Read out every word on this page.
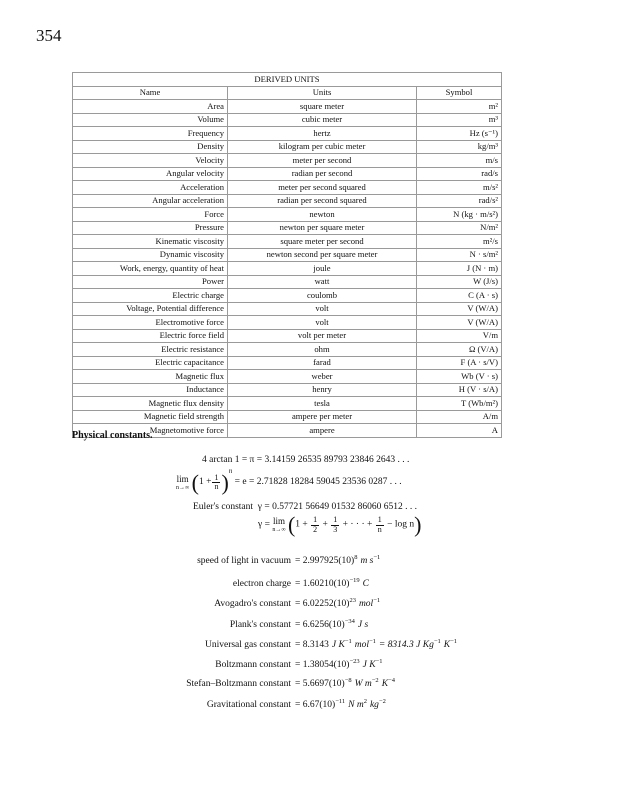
354
DERIVED UNITS		
Name	Units	Symbol
Area	square meter	m²
Volume	cubic meter	m³
Frequency	hertz	Hz (s⁻¹)
Density	kilogram per cubic meter	kg/m³
Velocity	meter per second	m/s
Angular velocity	radian per second	rad/s
Acceleration	meter per second squared	m/s²
Angular acceleration	radian per second squared	rad/s²
Force	newton	N (kg · m/s²)
Pressure	newton per square meter	N/m²
Kinematic viscosity	square meter per second	m²/s
Dynamic viscosity	newton second per square meter	N · s/m²
Work, energy, quantity of heat	joule	J (N · m)
Power	watt	W (J/s)
Electric charge	coulomb	C (A · s)
Voltage, Potential difference	volt	V (W/A)
Electromotive force	volt	V (W/A)
Electric force field	volt per meter	V/m
Electric resistance	ohm	Ω (V/A)
Electric capacitance	farad	F (A · s/V)
Magnetic flux	weber	Wb (V · s)
Inductance	henry	H (V · s/A)
Magnetic flux density	tesla	T (Wb/m²)
Magnetic field strength	ampere per meter	A/m
Magnetomotive force	ampere	A
Physical constants.
4 arctan 1 = π = 3.14159 26535 89793 23846 2643 . . .
lim
n→∞ $(1 + \frac{1}{n} )^n = e = 2.71828$ 18284 59045 23536 0287 . . .
Euler's constant γ = 0.57721 56649 01532 86060 6512 . . .
γ = lim
n→∞ ($1 + \frac{1}{2} + \frac{1}{3}$ + · · · + $\frac{1}{n} - \log n$)
speed of light in vacuum = $2.997925(10)^8$ m $s^{-1}$
electron charge = $1.60210(10)^{-19}$ C
Avogadro's constant = $6.02252(10)^{23}$ mol$^{-1}$
Plank's constant = $6.6256(10)^{-34}$ J s
Universal gas constant = 8.3143 J $K^{-1}$ mol$^{-1}$ = 8314.3 J $Kg^{-1}$ $K^{-1}$
Boltzmann constant = $1.38054(10)^{-23}$ J $K^{-1}$
Stefan–Boltzmann constant = $5.6697(10)^{-8}$ W $m^{-2}$ $K^{-4}$
Gravitational constant = $6.67(10)^{-11}$ N $m^2$ $kg^{-2}$
